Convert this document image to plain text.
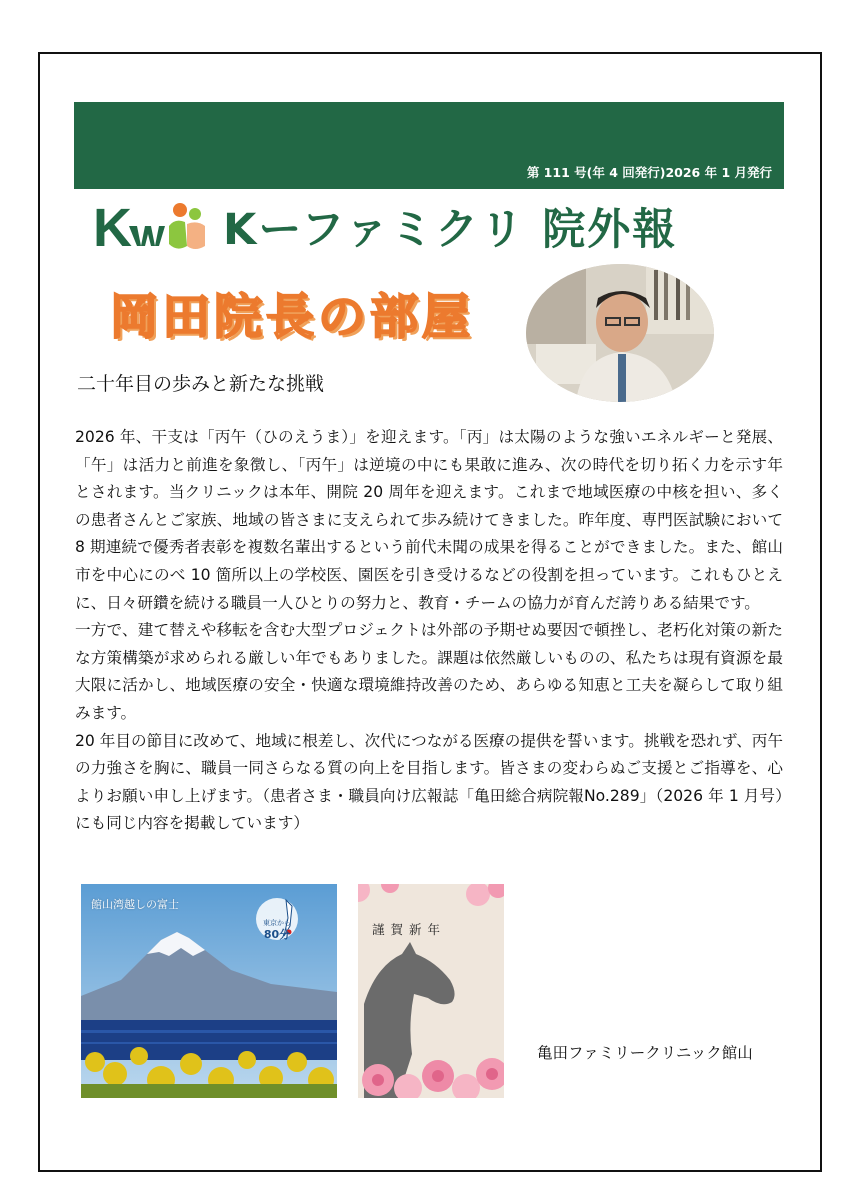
第 111 号(年 4 回発行)2026 年 1 月発行
K Kーファミクリ 院外報
岡田院長の部屋
二十年目の歩みと新たな挑戦

2026 年、干支は「丙午（ひのえうま）」を迎えます。「丙」は太陽のような強いエネルギーと発展、「午」は活力と前進を象徴し、「丙午」は逆境の中にも果敢に進み、次の時代を切り拓く力を示す年とされます。当クリニックは本年、開院 20 周年を迎えます。これまで地域医療の中核を担い、多くの患者さんとご家族、地域の皆さまに支えられて歩み続けてきました。昨年度、専門医試験において 8 期連続で優秀者表彰を複数名輩出するという前代未聞の成果を得ることができました。また、館山市を中心にのべ 10 箇所以上の学校医、園医を引き受けるなどの役割を担っています。これもひとえに、日々研鑽を続ける職員一人ひとりの努力と、教育・チームの協力が育んだ誇りある結果です。

一方で、建て替えや移転を含む大型プロジェクトは外部の予期せぬ要因で頓挫し、老朽化対策の新たな方策構築が求められる厳しい年でもありました。課題は依然厳しいものの、私たちは現有資源を最大限に活かし、地域医療の安全・快適な環境維持改善のため、あらゆる知恵と工夫を凝らして取り組みます。

20 年目の節目に改めて、地域に根差し、次代につながる医療の提供を誓います。挑戦を恐れず、丙午の力強さを胸に、職員一同さらなる質の向上を目指します。皆さまの変わらぬご支援とご指導を、心よりお願い申し上げます。（患者さま・職員向け広報誌「亀田総合病院報No.289」（2026 年 1 月号）にも同じ内容を掲載しています）

館山湾越しの富士
東京から
80分	謹賀新年
亀田ファミリークリニック館山
